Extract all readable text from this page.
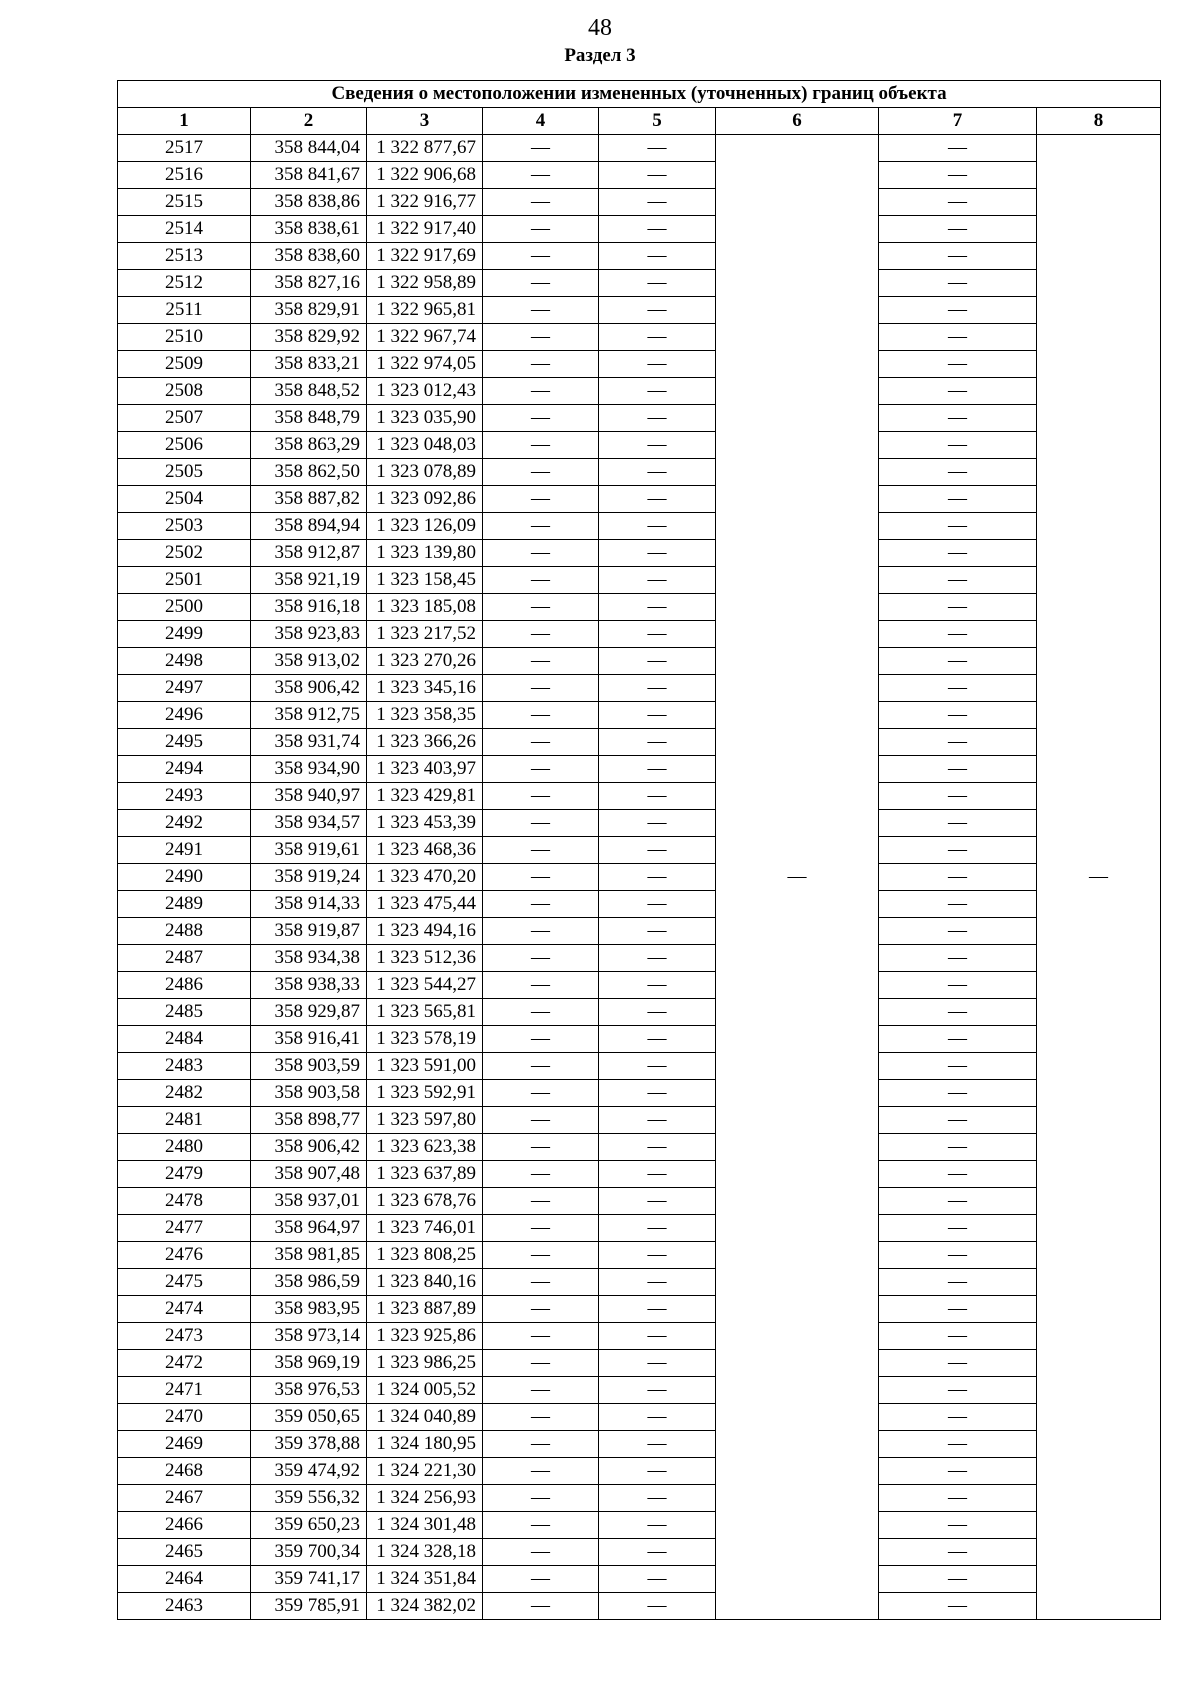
48
Раздел 3
Сведения о местоположении измененных (уточненных) границ объекта							
1	2	3	4	5	6	7	8
2517	358 844,04	1 322 877,67	—	—	—	—	—
2516	358 841,67	1 322 906,68	—	—		—	
2515	358 838,86	1 322 916,77	—	—		—	
2514	358 838,61	1 322 917,40	—	—		—	
2513	358 838,60	1 322 917,69	—	—		—	
2512	358 827,16	1 322 958,89	—	—		—	
2511	358 829,91	1 322 965,81	—	—		—	
2510	358 829,92	1 322 967,74	—	—		—	
2509	358 833,21	1 322 974,05	—	—		—	
2508	358 848,52	1 323 012,43	—	—		—	
2507	358 848,79	1 323 035,90	—	—		—	
2506	358 863,29	1 323 048,03	—	—		—	
2505	358 862,50	1 323 078,89	—	—		—	
2504	358 887,82	1 323 092,86	—	—		—	
2503	358 894,94	1 323 126,09	—	—		—	
2502	358 912,87	1 323 139,80	—	—		—	
2501	358 921,19	1 323 158,45	—	—		—	
2500	358 916,18	1 323 185,08	—	—		—	
2499	358 923,83	1 323 217,52	—	—		—	
2498	358 913,02	1 323 270,26	—	—		—	
2497	358 906,42	1 323 345,16	—	—		—	
2496	358 912,75	1 323 358,35	—	—		—	
2495	358 931,74	1 323 366,26	—	—		—	
2494	358 934,90	1 323 403,97	—	—		—	
2493	358 940,97	1 323 429,81	—	—		—	
2492	358 934,57	1 323 453,39	—	—		—	
2491	358 919,61	1 323 468,36	—	—		—	
2490	358 919,24	1 323 470,20	—	—		—	
2489	358 914,33	1 323 475,44	—	—		—	
2488	358 919,87	1 323 494,16	—	—		—	
2487	358 934,38	1 323 512,36	—	—		—	
2486	358 938,33	1 323 544,27	—	—		—	
2485	358 929,87	1 323 565,81	—	—		—	
2484	358 916,41	1 323 578,19	—	—		—	
2483	358 903,59	1 323 591,00	—	—		—	
2482	358 903,58	1 323 592,91	—	—		—	
2481	358 898,77	1 323 597,80	—	—		—	
2480	358 906,42	1 323 623,38	—	—		—	
2479	358 907,48	1 323 637,89	—	—		—	
2478	358 937,01	1 323 678,76	—	—		—	
2477	358 964,97	1 323 746,01	—	—		—	
2476	358 981,85	1 323 808,25	—	—		—	
2475	358 986,59	1 323 840,16	—	—		—	
2474	358 983,95	1 323 887,89	—	—		—	
2473	358 973,14	1 323 925,86	—	—		—	
2472	358 969,19	1 323 986,25	—	—		—	
2471	358 976,53	1 324 005,52	—	—		—	
2470	359 050,65	1 324 040,89	—	—		—	
2469	359 378,88	1 324 180,95	—	—		—	
2468	359 474,92	1 324 221,30	—	—		—	
2467	359 556,32	1 324 256,93	—	—		—	
2466	359 650,23	1 324 301,48	—	—		—	
2465	359 700,34	1 324 328,18	—	—		—	
2464	359 741,17	1 324 351,84	—	—		—	
2463	359 785,91	1 324 382,02	—	—		—	
